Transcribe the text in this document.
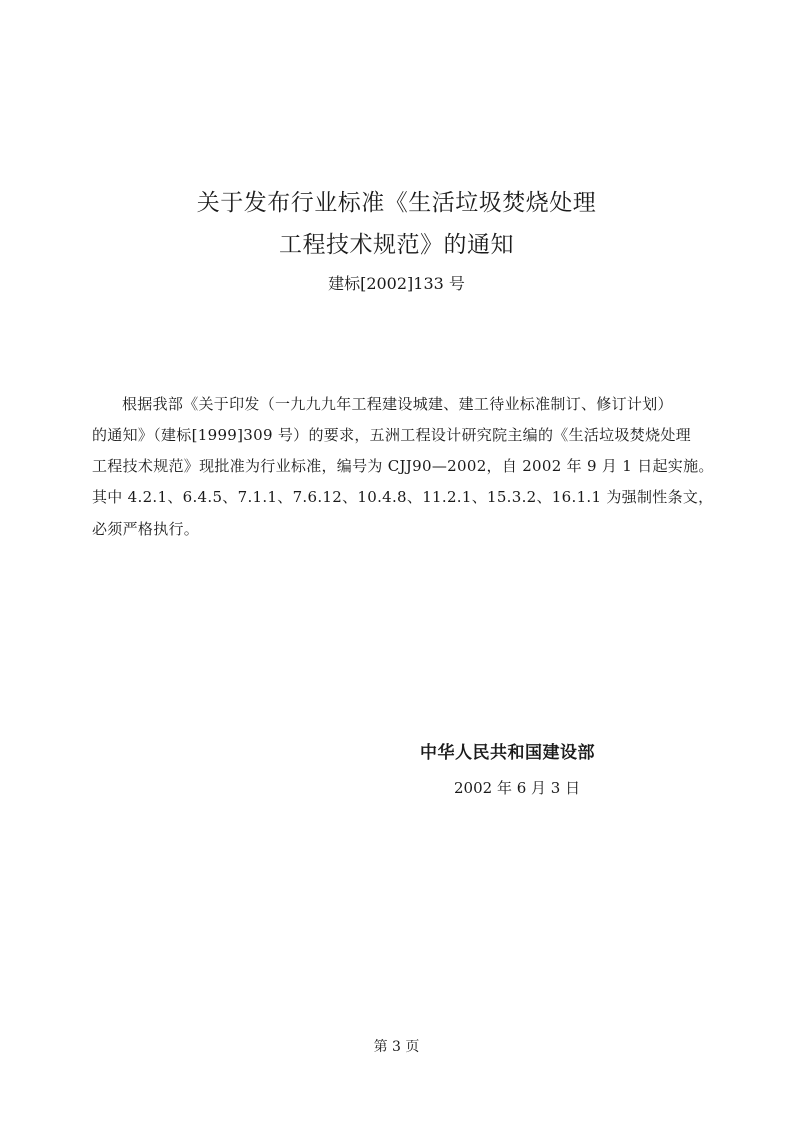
关于发布行业标准《生活垃圾焚烧处理
工程技术规范》的通知
建标[2002]133 号
根据我部《关于印发（一九九九年工程建设城建、建工待业标准制订、修订计划）
的通知》（建标[1999]309 号）的要求，五洲工程设计研究院主编的《生活垃圾焚烧处理
工程技术规范》现批准为行业标准，编号为 CJJ90—2002，自 2002 年 9 月 1 日起实施。
其中 4.2.1、6.4.5、7.1.1、7.6.12、10.4.8、11.2.1、15.3.2、16.1.1 为强制性条文，
必须严格执行。
中华人民共和国建设部
2002 年 6 月 3 日
第 3 页
